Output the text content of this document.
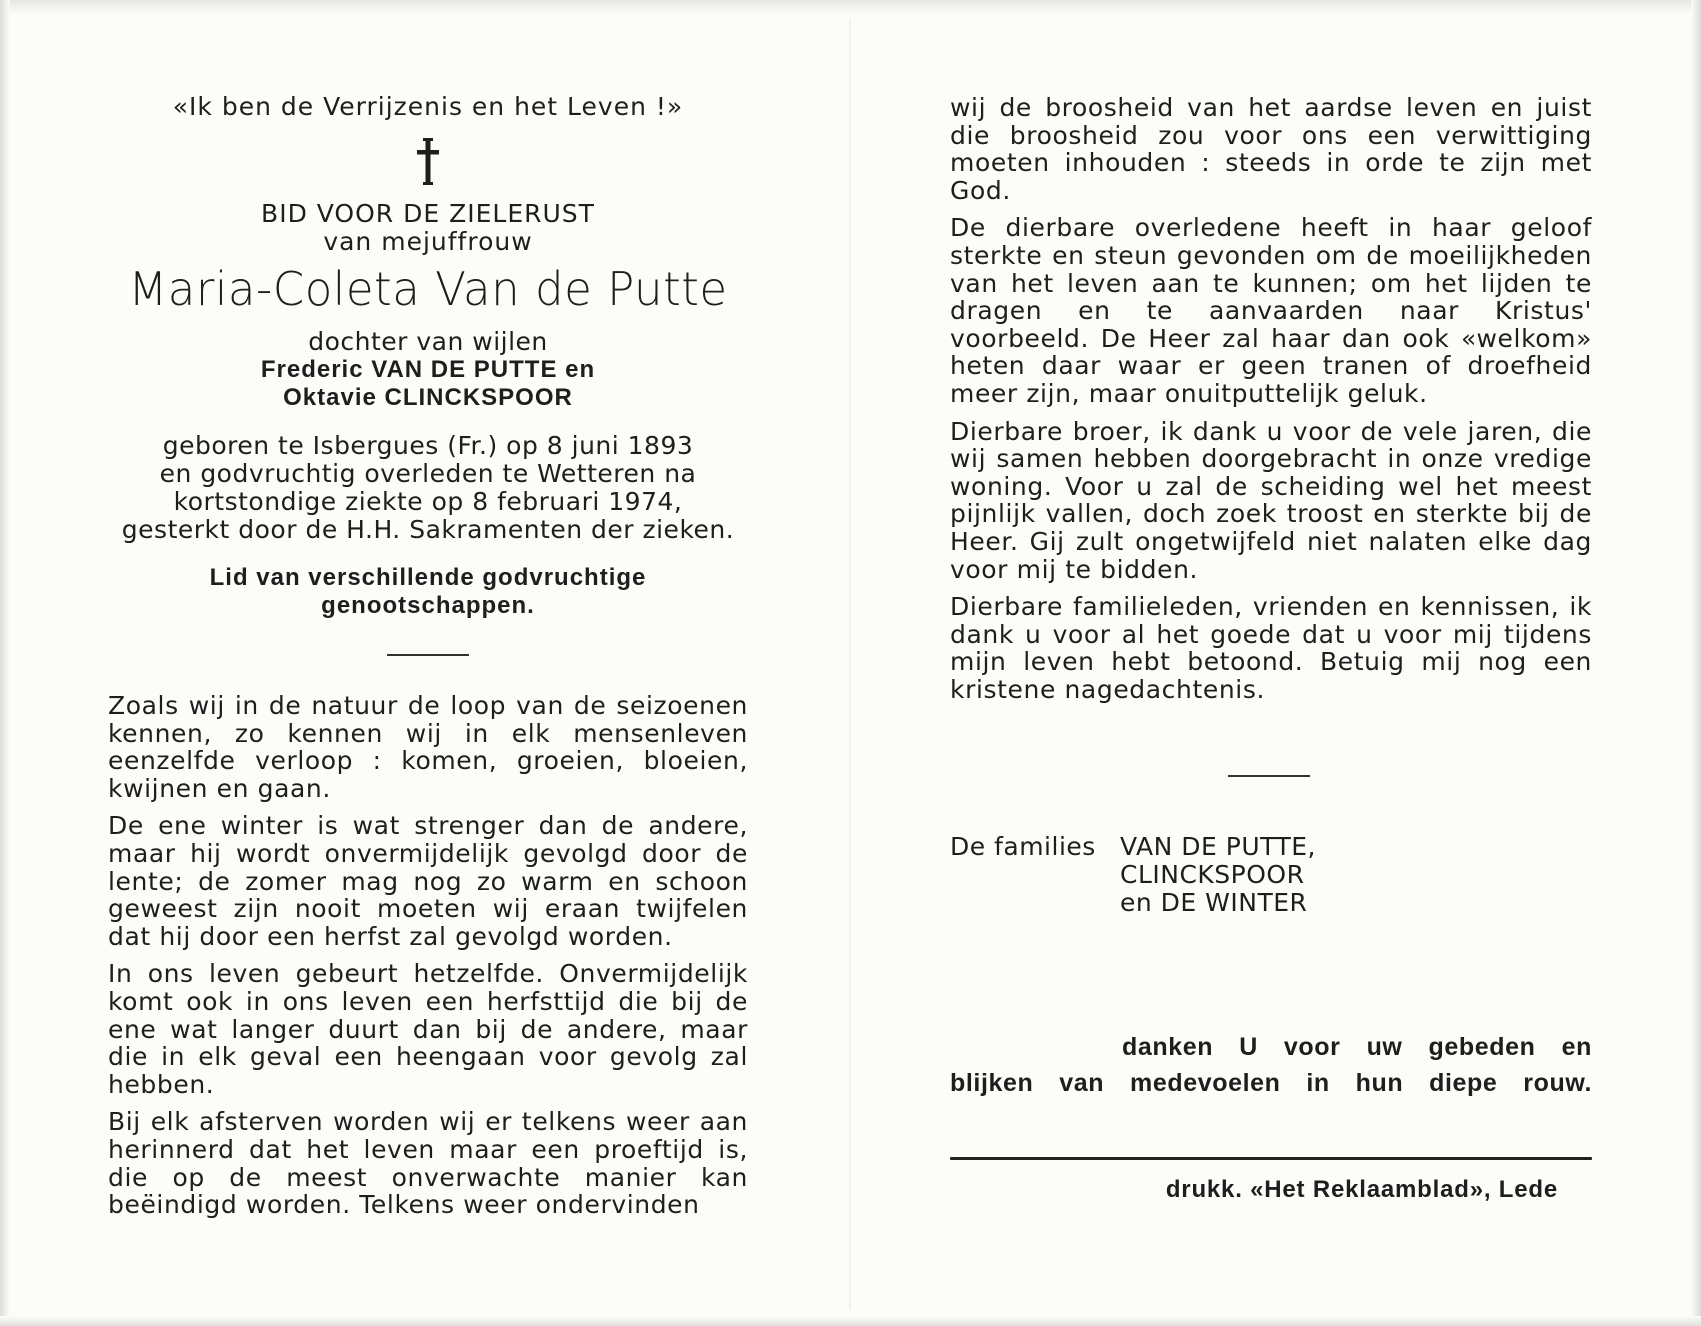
«Ik ben de Verrijzenis en het Leven !»

BID VOOR DE ZIELERUST

van mejuffrouw

Maria-Coleta Van de Putte

dochter van wijlen

Frederic VAN DE PUTTE en

Oktavie CLINCKSPOOR

geboren te Isbergues (Fr.) op 8 juni 1893

en godvruchtig overleden te Wetteren na

kortstondige ziekte op 8 februari 1974,

gesterkt door de H.H. Sakramenten der zieken.

Lid van verschillende godvruchtige

genootschappen.

Zoals wij in de natuur de loop van de seizoenen kennen, zo kennen wij in elk mensenleven eenzelfde verloop : komen, groeien, bloeien, kwijnen en gaan.

De ene winter is wat strenger dan de andere, maar hij wordt onvermijdelijk gevolgd door de lente; de zomer mag nog zo warm en schoon geweest zijn nooit moeten wij eraan twijfelen dat hij door een herfst zal gevolgd worden.

In ons leven gebeurt hetzelfde. Onvermijdelijk komt ook in ons leven een herfsttijd die bij de ene wat langer duurt dan bij de andere, maar die in elk geval een heengaan voor gevolg zal hebben.

Bij elk afsterven worden wij er telkens weer aan herinnerd dat het leven maar een proeftijd is, die op de meest onverwachte manier kan beëindigd worden. Telkens weer ondervinden

wij de broosheid van het aardse leven en juist die broosheid zou voor ons een verwittiging moeten inhouden : steeds in orde te zijn met God.

De dierbare overledene heeft in haar geloof sterkte en steun gevonden om de moeilijkheden van het leven aan te kunnen; om het lijden te dragen en te aanvaarden naar Kristus' voorbeeld. De Heer zal haar dan ook «welkom» heten daar waar er geen tranen of droefheid meer zijn, maar onuitputtelijk geluk.

Dierbare broer, ik dank u voor de vele jaren, die wij samen hebben doorgebracht in onze vredige woning. Voor u zal de scheiding wel het meest pijnlijk vallen, doch zoek troost en sterkte bij de Heer. Gij zult ongetwijfeld niet nalaten elke dag voor mij te bidden.

Dierbare familieleden, vrienden en kennissen, ik dank u voor al het goede dat u voor mij tijdens mijn leven hebt betoond. Betuig mij nog een kristene nagedachtenis.

De families VAN DE PUTTE,
CLINCKSPOOR
en DE WINTER
danken U voor uw gebeden en
blijken van medevoelen in hun diepe rouw.
drukk. «Het Reklaamblad», Lede
